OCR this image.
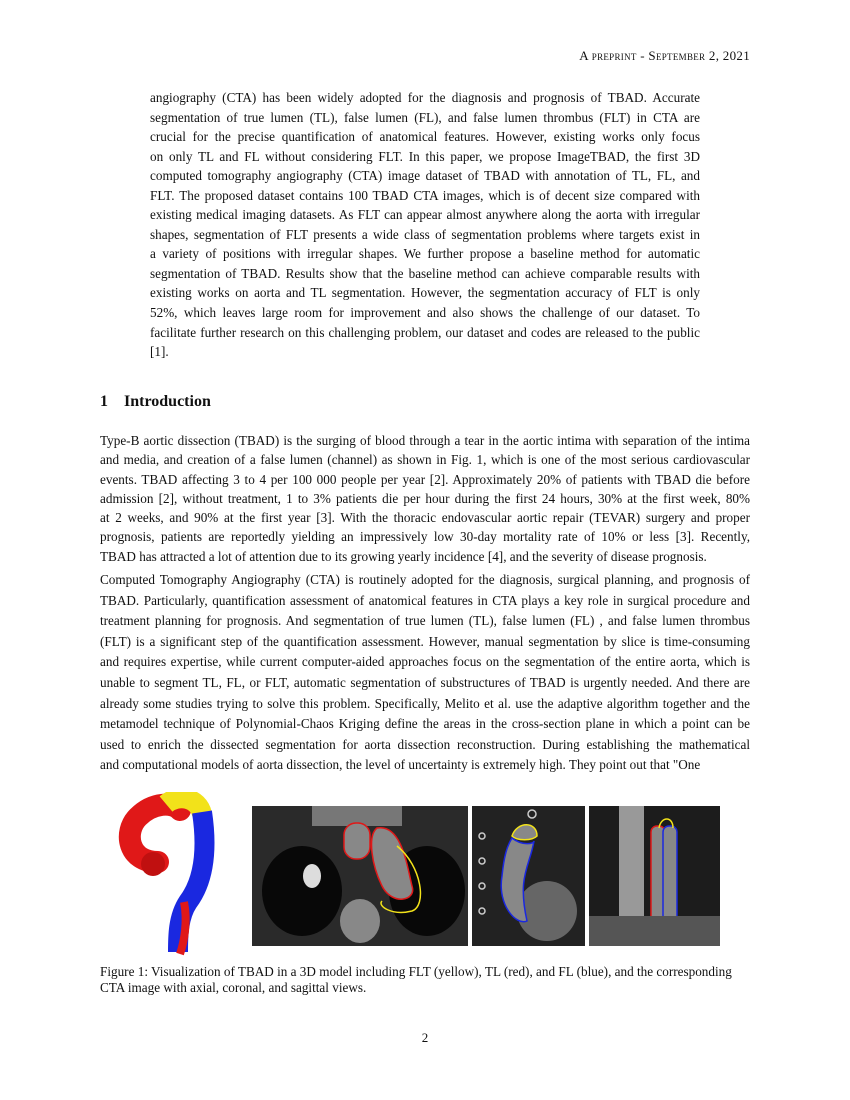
A preprint - September 2, 2021
angiography (CTA) has been widely adopted for the diagnosis and prognosis of TBAD. Accurate
segmentation of true lumen (TL), false lumen (FL), and false lumen thrombus (FLT) in CTA are
crucial for the precise quantification of anatomical features. However, existing works only focus
on only TL and FL without considering FLT. In this paper, we propose ImageTBAD, the first 3D
computed tomography angiography (CTA) image dataset of TBAD with annotation of TL, FL, and
FLT. The proposed dataset contains 100 TBAD CTA images, which is of decent size compared with
existing medical imaging datasets. As FLT can appear almost anywhere along the aorta with irregular
shapes, segmentation of FLT presents a wide class of segmentation problems where targets exist in
a variety of positions with irregular shapes. We further propose a baseline method for automatic
segmentation of TBAD. Results show that the baseline method can achieve comparable results with
existing works on aorta and TL segmentation. However, the segmentation accuracy of FLT is only
52%, which leaves large room for improvement and also shows the challenge of our dataset. To
facilitate further research on this challenging problem, our dataset and codes are released to the public
[1].
1 Introduction
Type-B aortic dissection (TBAD) is the surging of blood through a tear in the aortic intima with separation of the intima
and media, and creation of a false lumen (channel) as shown in Fig. 1, which is one of the most serious cardiovascular
events. TBAD affecting 3 to 4 per 100 000 people per year [2]. Approximately 20% of patients with TBAD die before
admission [2], without treatment, 1 to 3% patients die per hour during the first 24 hours, 30% at the first week, 80%
at 2 weeks, and 90% at the first year [3]. With the thoracic endovascular aortic repair (TEVAR) surgery and proper
prognosis, patients are reportedly yielding an impressively low 30-day mortality rate of 10% or less [3]. Recently,
TBAD has attracted a lot of attention due to its growing yearly incidence [4], and the severity of disease prognosis.
Computed Tomography Angiography (CTA) is routinely adopted for the diagnosis, surgical planning, and prognosis of
TBAD. Particularly, quantification assessment of anatomical features in CTA plays a key role in surgical procedure and
treatment planning for prognosis. And segmentation of true lumen (TL), false lumen (FL) , and false lumen thrombus
(FLT) is a significant step of the quantification assessment. However, manual segmentation by slice is time-consuming
and requires expertise, while current computer-aided approaches focus on the segmentation of the entire aorta, which is
unable to segment TL, FL, or FLT, automatic segmentation of substructures of TBAD is urgently needed. And there are
already some studies trying to solve this problem. Specifically, Melito et al. use the adaptive algorithm together and the
metamodel technique of Polynomial-Chaos Kriging define the areas in the cross-section plane in which a point can be
used to enrich the dissected segmentation for aorta dissection reconstruction. During establishing the mathematical
and computational models of aorta dissection, the level of uncertainty is extremely high. They point out that "One
Figure 1: Visualization of TBAD in a 3D model including FLT (yellow), TL (red), and FL (blue), and the corresponding
CTA image with axial, coronal, and sagittal views.
2
